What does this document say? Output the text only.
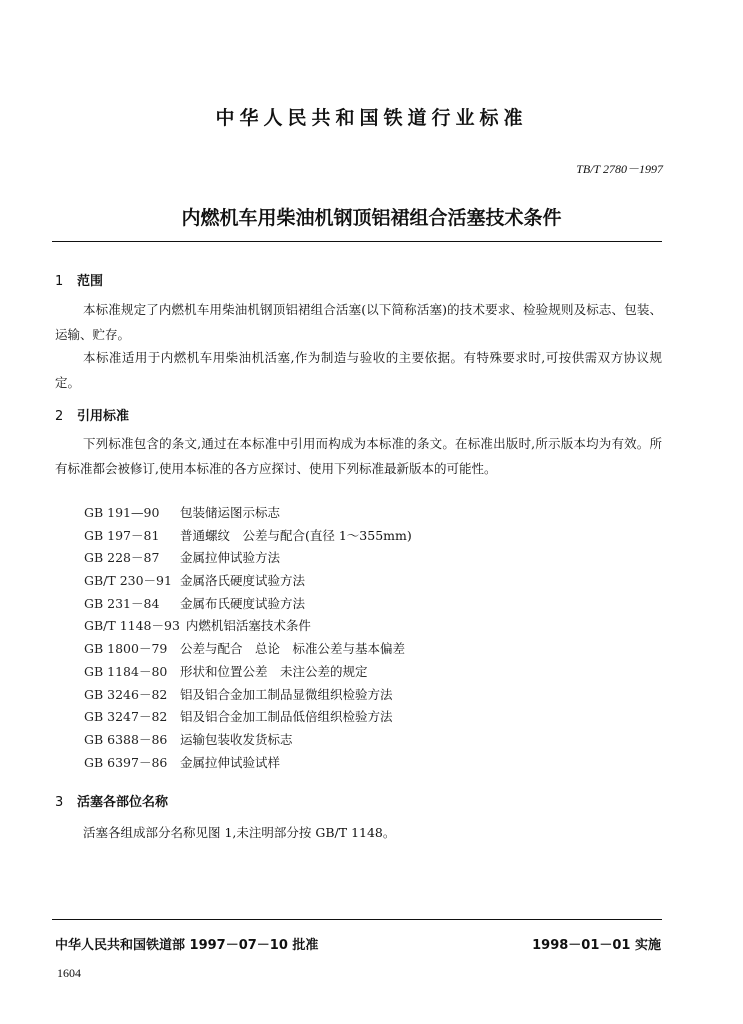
中华人民共和国铁道行业标准
TB/T 2780－1997
内燃机车用柴油机钢顶铝裙组合活塞技术条件
1 范围
本标准规定了内燃机车用柴油机钢顶铝裙组合活塞(以下简称活塞)的技术要求、检验规则及标志、包装、运输、贮存。
本标准适用于内燃机车用柴油机活塞,作为制造与验收的主要依据。有特殊要求时,可按供需双方协议规定。
2 引用标准
下列标准包含的条文,通过在本标准中引用而构成为本标准的条文。在标准出版时,所示版本均为有效。所有标准都会被修订,使用本标准的各方应探讨、使用下列标准最新版本的可能性。
GB 191—90 包装储运图示标志
GB 197－81 普通螺纹　公差与配合(直径 1～355mm)
GB 228－87 金属拉伸试验方法
GB/T 230－91 金属洛氏硬度试验方法
GB 231－84 金属布氏硬度试验方法
GB/T 1148－93 内燃机铝活塞技术条件
GB 1800－79 公差与配合　总论　标准公差与基本偏差
GB 1184－80 形状和位置公差　未注公差的规定
GB 3246－82 铝及铝合金加工制品显微组织检验方法
GB 3247－82 铝及铝合金加工制品低倍组织检验方法
GB 6388－86 运输包装收发货标志
GB 6397－86 金属拉伸试验试样
3 活塞各部位名称
活塞各组成部分名称见图 1,未注明部分按 GB/T 1148。
中华人民共和国铁道部 1997－07－10 批准	1998－01－01 实施
1604
